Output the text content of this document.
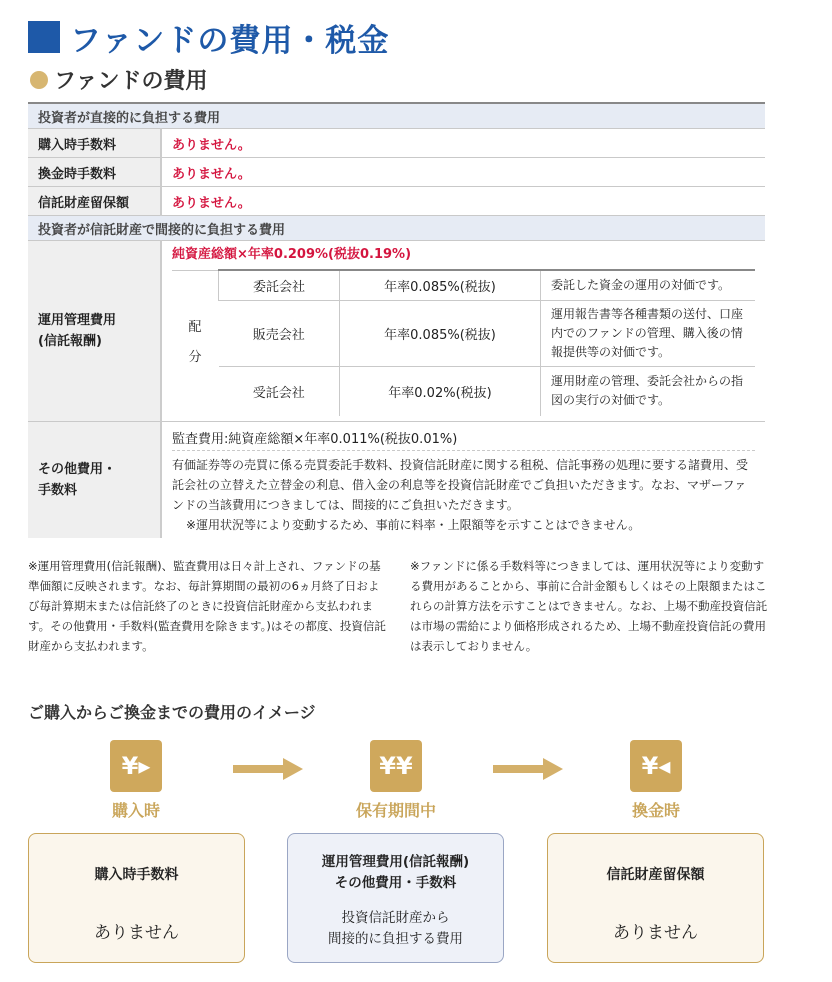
ファンドの費用・税金
ファンドの費用
投資者が直接的に負担する費用
購入時手数料	ありません。
換金時手数料	ありません。
信託財産留保額	ありません。
投資者が信託財産で間接的に負担する費用
運用管理費用
(信託報酬)	
純資産総額×年率0.209%(税抜0.19%)
配
分	委託会社	年率0.085%(税抜)	委託した資金の運用の対価です。
販売会社	年率0.085%(税抜)	運用報告書等各種書類の送付、口座内でのファンドの管理、購入後の情報提供等の対価です。
受託会社	年率0.02%(税抜)	運用財産の管理、委託会社からの指図の実行の対価です。

その他費用・
手数料	
監査費用:純資産総額×年率0.011%(税抜0.01%)
有価証券等の売買に係る売買委託手数料、投資信託財産に関する租税、信託事務の処理に要する諸費用、受託会社の立替えた立替金の利息、借入金の利息等を投資信託財産でご負担いただきます。なお、マザーファンドの当該費用につきましては、間接的にご負担いただきます。
※運用状況等により変動するため、事前に料率・上限額等を示すことはできません。
※運用管理費用(信託報酬)、監査費用は日々計上され、ファンドの基準価額に反映されます。なお、毎計算期間の最初の6ヵ月終了日および毎計算期末または信託終了のときに投資信託財産から支払われます。その他費用・手数料(監査費用を除きます。)はその都度、投資信託財産から支払われます。
※ファンドに係る手数料等につきましては、運用状況等により変動する費用があることから、事前に合計金額もしくはその上限額またはこれらの計算方法を示すことはできません。なお、上場不動産投資信託は市場の需給により価格形成されるため、上場不動産投資信託の費用は表示しておりません。
ご購入からご換金までの費用のイメージ
¥▸	¥¥	¥◂
購入時	保有期間中	換金時
購入時手数料
ありません
運用管理費用(信託報酬)
その他費用・手数料
投資信託財産から
間接的に負担する費用
信託財産留保額
ありません
